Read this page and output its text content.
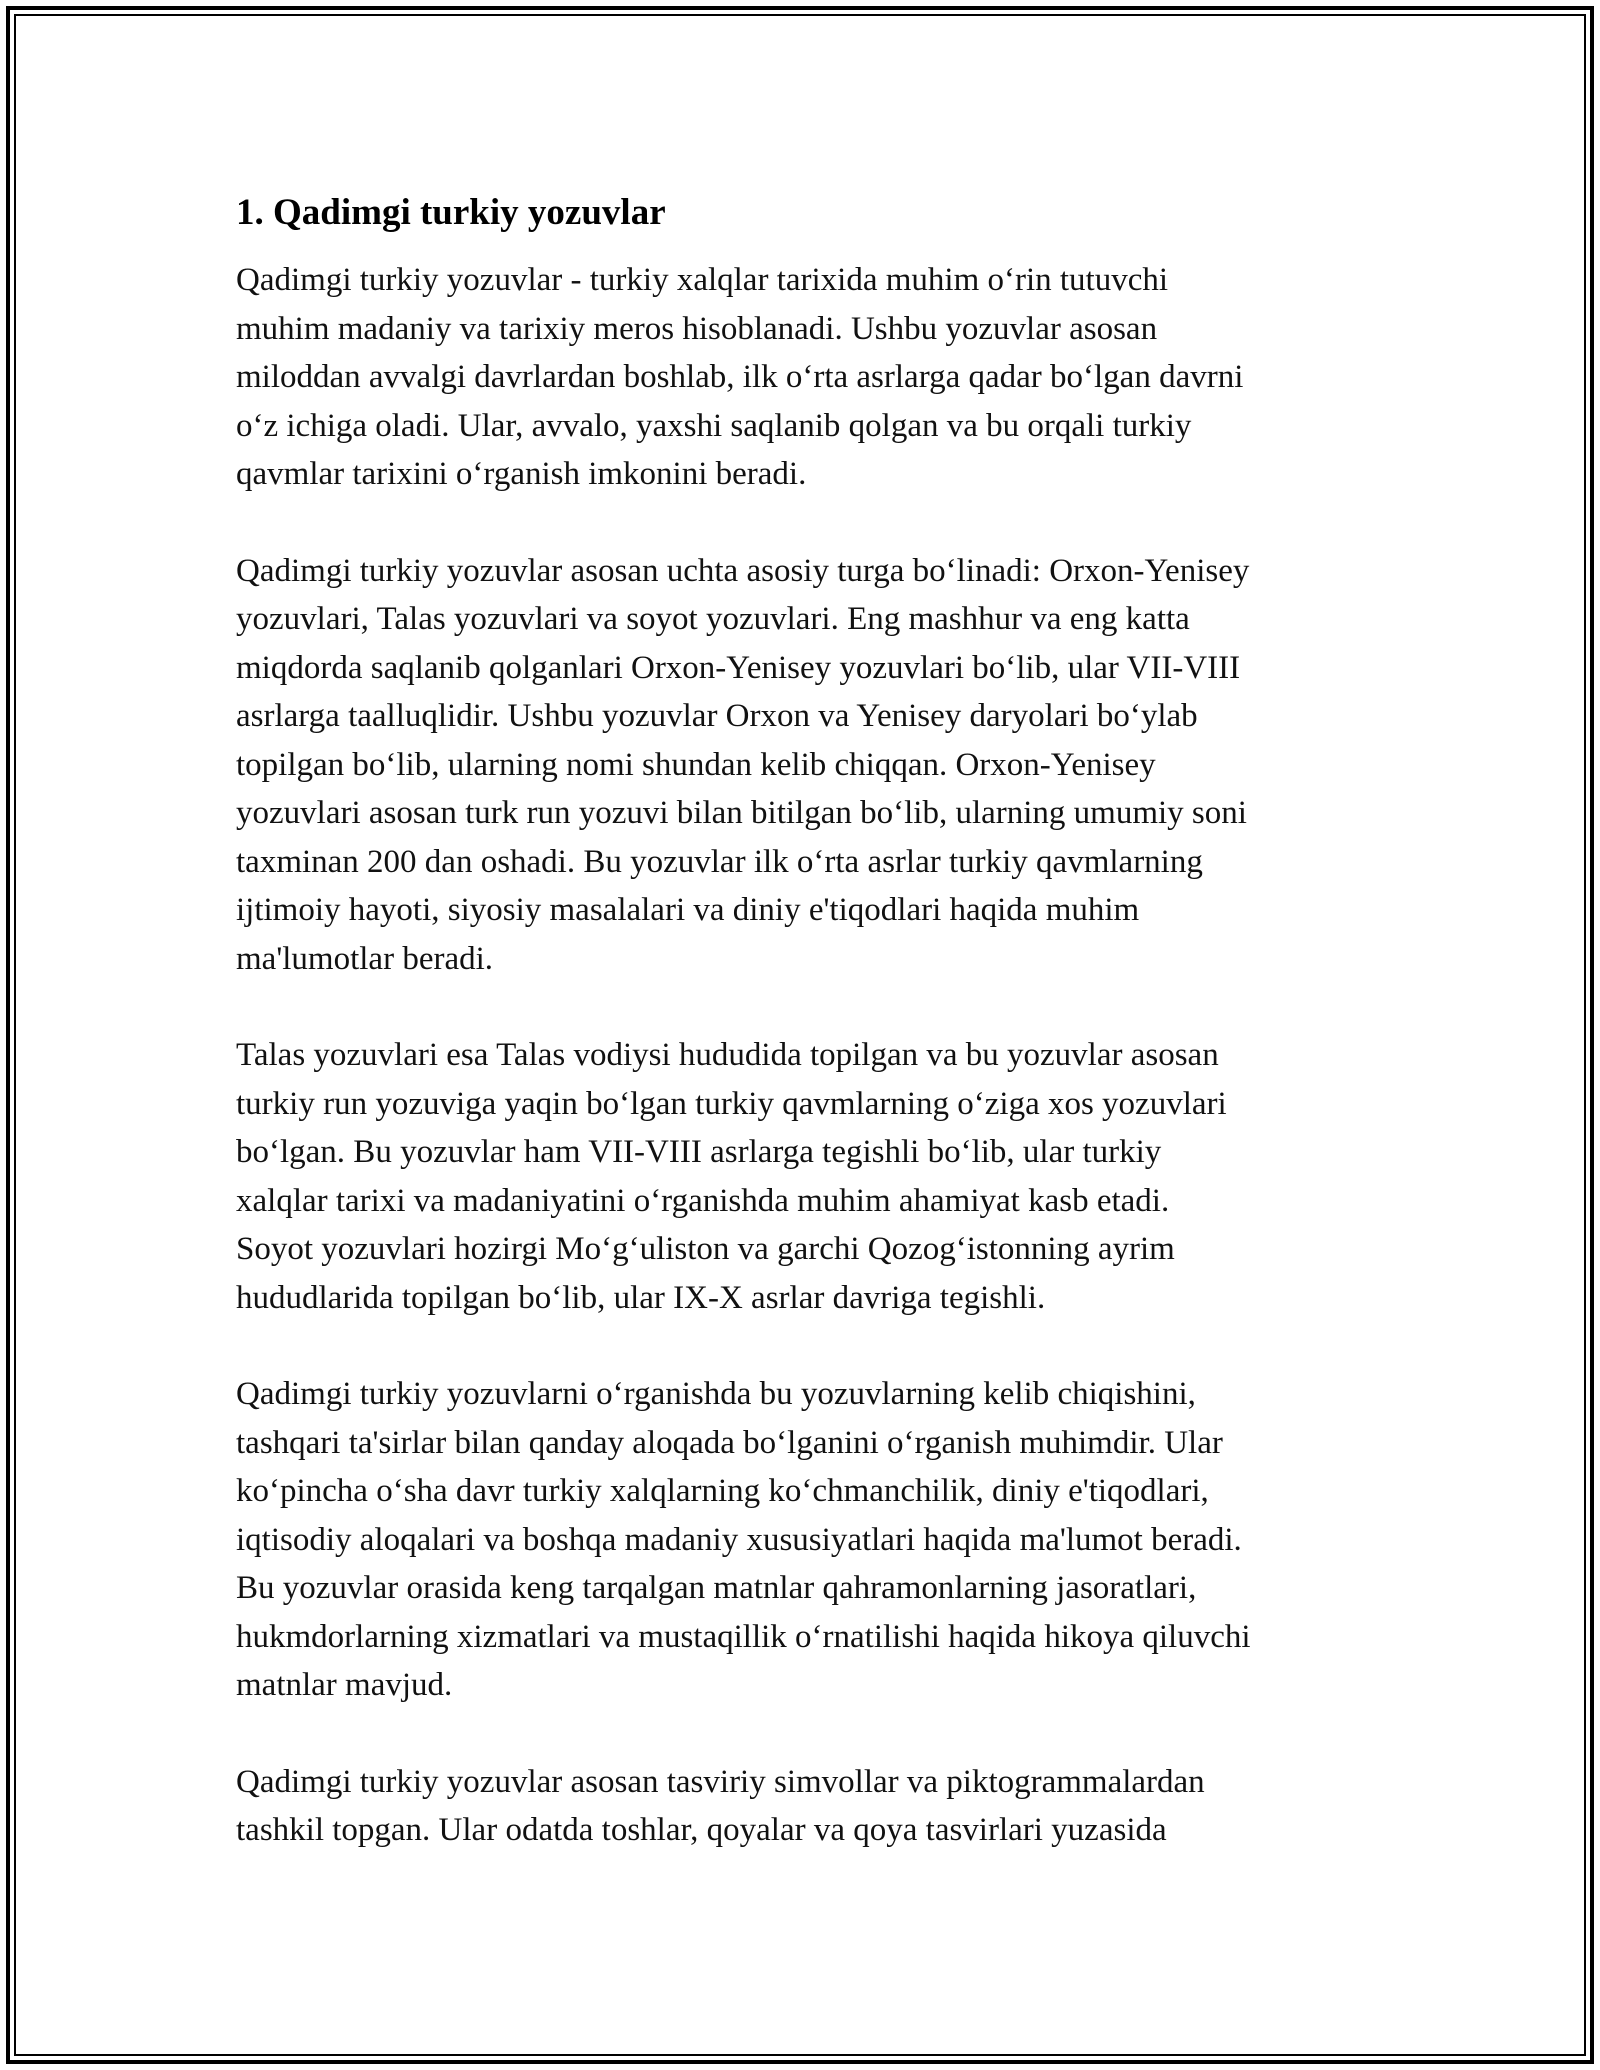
1. Qadimgi turkiy yozuvlar

Qadimgi turkiy yozuvlar - turkiy xalqlar tarixida muhim o‘rin tutuvchi
muhim madaniy va tarixiy meros hisoblanadi. Ushbu yozuvlar asosan
miloddan avvalgi davrlardan boshlab, ilk o‘rta asrlarga qadar bo‘lgan davrni
o‘z ichiga oladi. Ular, avvalo, yaxshi saqlanib qolgan va bu orqali turkiy
qavmlar tarixini o‘rganish imkonini beradi.

Qadimgi turkiy yozuvlar asosan uchta asosiy turga bo‘linadi: Orxon-Yenisey
yozuvlari, Talas yozuvlari va soyot yozuvlari. Eng mashhur va eng katta
miqdorda saqlanib qolganlari Orxon-Yenisey yozuvlari bo‘lib, ular VII-VIII
asrlarga taalluqlidir. Ushbu yozuvlar Orxon va Yenisey daryolari bo‘ylab
topilgan bo‘lib, ularning nomi shundan kelib chiqqan. Orxon-Yenisey
yozuvlari asosan turk run yozuvi bilan bitilgan bo‘lib, ularning umumiy soni
taxminan 200 dan oshadi. Bu yozuvlar ilk o‘rta asrlar turkiy qavmlarning
ijtimoiy hayoti, siyosiy masalalari va diniy e'tiqodlari haqida muhim
ma'lumotlar beradi.

Talas yozuvlari esa Talas vodiysi hududida topilgan va bu yozuvlar asosan
turkiy run yozuviga yaqin bo‘lgan turkiy qavmlarning o‘ziga xos yozuvlari
bo‘lgan. Bu yozuvlar ham VII-VIII asrlarga tegishli bo‘lib, ular turkiy
xalqlar tarixi va madaniyatini o‘rganishda muhim ahamiyat kasb etadi.
Soyot yozuvlari hozirgi Mo‘g‘uliston va garchi Qozog‘istonning ayrim
hududlarida topilgan bo‘lib, ular IX-X asrlar davriga tegishli.

Qadimgi turkiy yozuvlarni o‘rganishda bu yozuvlarning kelib chiqishini,
tashqari ta'sirlar bilan qanday aloqada bo‘lganini o‘rganish muhimdir. Ular
ko‘pincha o‘sha davr turkiy xalqlarning ko‘chmanchilik, diniy e'tiqodlari,
iqtisodiy aloqalari va boshqa madaniy xususiyatlari haqida ma'lumot beradi.
Bu yozuvlar orasida keng tarqalgan matnlar qahramonlarning jasoratlari,
hukmdorlarning xizmatlari va mustaqillik o‘rnatilishi haqida hikoya qiluvchi
matnlar mavjud.

Qadimgi turkiy yozuvlar asosan tasviriy simvollar va piktogrammalardan
tashkil topgan. Ular odatda toshlar, qoyalar va qoya tasvirlari yuzasida
